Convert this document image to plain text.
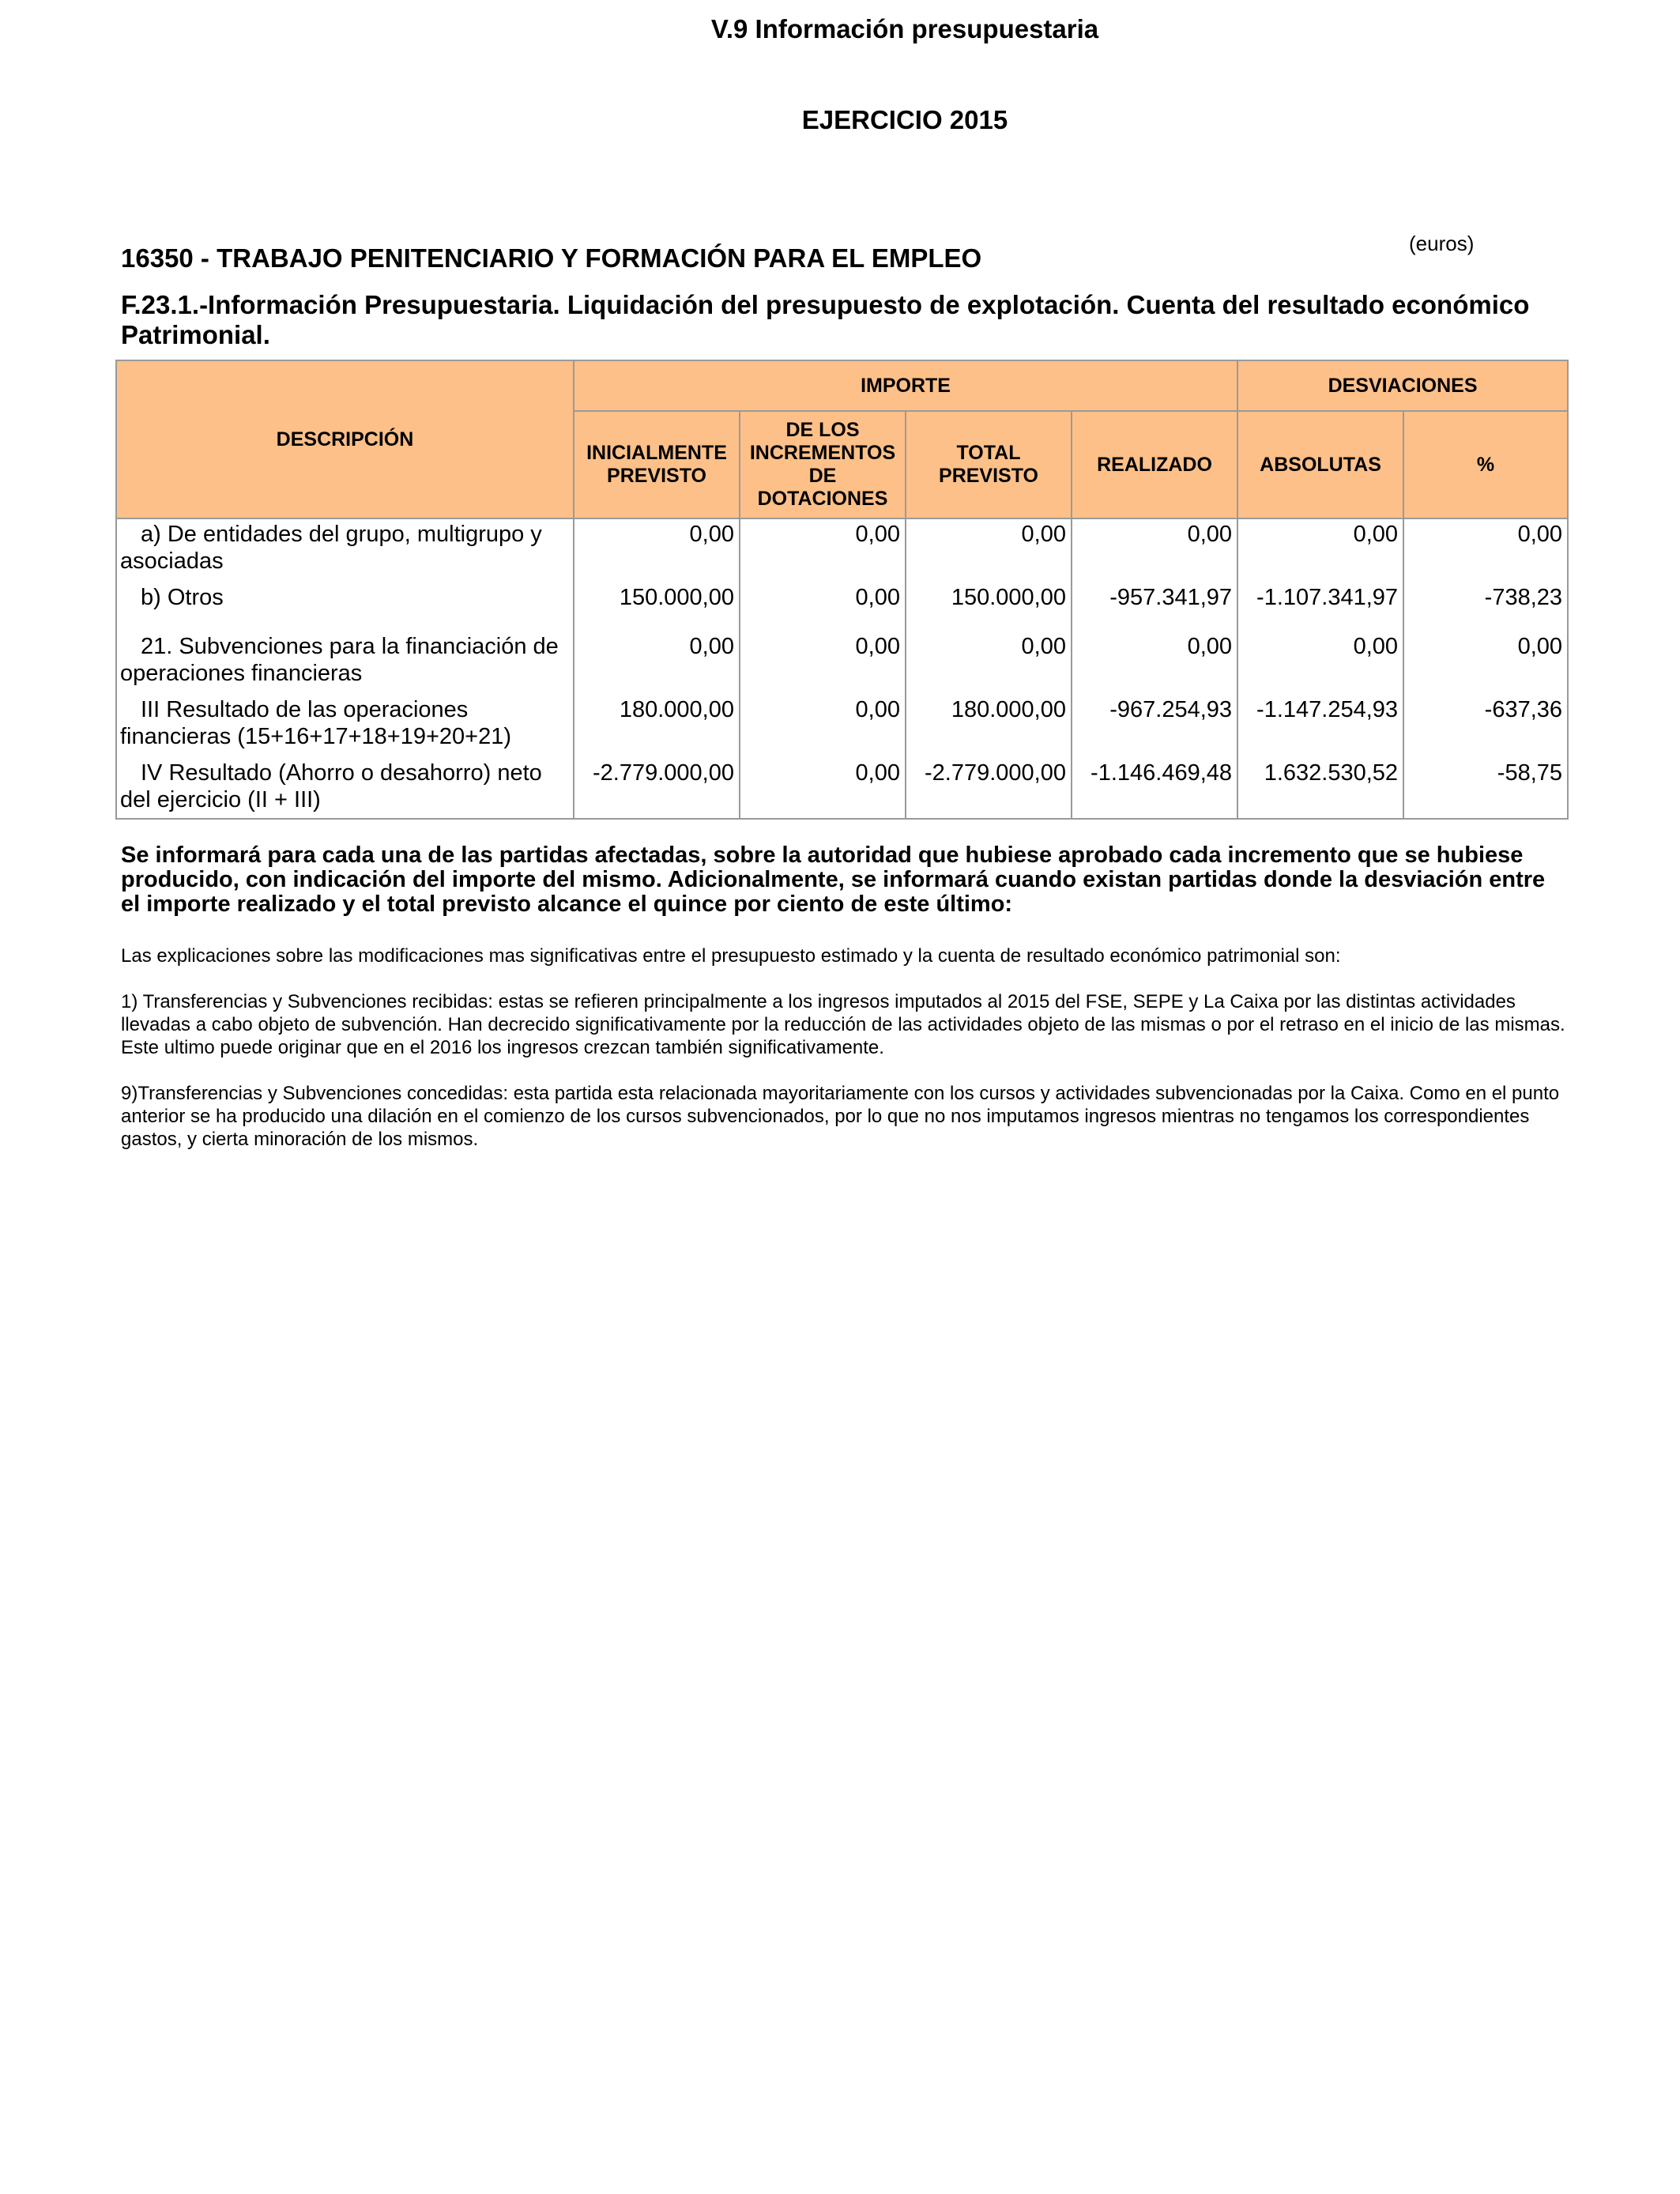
V.9 Información presupuestaria
EJERCICIO 2015
(euros)
16350 - TRABAJO PENITENCIARIO Y FORMACIÓN PARA EL EMPLEO
F.23.1.-Información Presupuestaria. Liquidación del presupuesto de explotación. Cuenta del resultado económico Patrimonial.
DESCRIPCIÓN	IMPORTE				DESVIACIONES	
	INICIALMENTE PREVISTO	DE LOS INCREMENTOS DE DOTACIONES	TOTAL PREVISTO	REALIZADO	ABSOLUTAS	%
a) De entidades del grupo, multigrupo y asociadas	0,00	0,00	0,00	0,00	0,00	0,00
b) Otros	150.000,00	0,00	150.000,00	-957.341,97	-1.107.341,97	-738,23
21. Subvenciones para la financiación de operaciones financieras	0,00	0,00	0,00	0,00	0,00	0,00
III Resultado de las operaciones financieras (15+16+17+18+19+20+21)	180.000,00	0,00	180.000,00	-967.254,93	-1.147.254,93	-637,36
IV Resultado (Ahorro o desahorro) neto del ejercicio (II + III)	-2.779.000,00	0,00	-2.779.000,00	-1.146.469,48	1.632.530,52	-58,75
Se informará para cada una de las partidas afectadas, sobre la autoridad que hubiese aprobado cada incremento que se hubiese producido, con indicación del importe del mismo. Adicionalmente, se informará cuando existan partidas donde la desviación entre el importe realizado y el total previsto alcance el quince por ciento de este último:
Las explicaciones sobre las modificaciones mas significativas entre el presupuesto estimado y la cuenta de resultado económico patrimonial son:
1) Transferencias y Subvenciones recibidas: estas se refieren principalmente a los ingresos imputados al 2015 del FSE, SEPE y La Caixa por las distintas actividades llevadas a cabo objeto de subvención. Han decrecido significativamente por la reducción de las actividades objeto de las mismas o por el retraso en el inicio de las mismas. Este ultimo puede originar que en el 2016 los ingresos crezcan también significativamente.
9)Transferencias y Subvenciones concedidas: esta partida esta relacionada mayoritariamente con los cursos y actividades subvencionadas por la Caixa. Como en el punto anterior se ha producido una dilación en el comienzo de los cursos subvencionados, por lo que no nos imputamos ingresos mientras no tengamos los correspondientes gastos, y cierta minoración de los mismos.
